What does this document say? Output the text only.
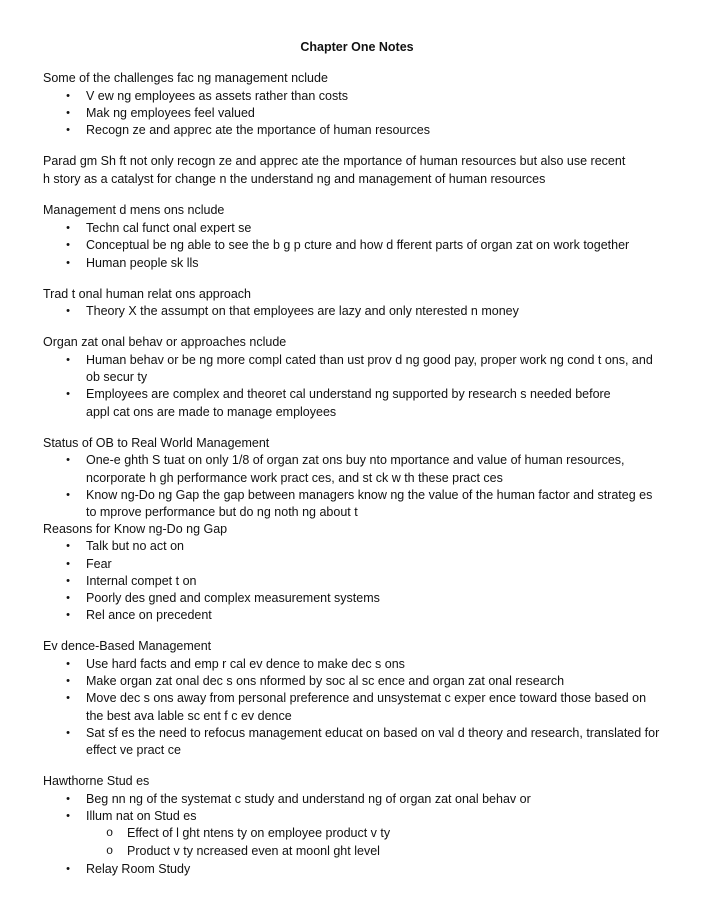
Chapter One Notes
Some of the challenges fac ng management nclude
• V ew ng employees as assets rather than costs
• Mak ng employees feel valued
• Recogn ze and apprec ate the mportance of human resources
Parad gm Sh ft not only recogn ze and apprec ate the mportance of human resources but also use recent
h story as a catalyst for change n the understand ng and management of human resources
Management d mens ons nclude
• Techn cal funct onal expert se
• Conceptual be ng able to see the b g p cture and how d fferent parts of organ zat on work together
• Human people sk lls
Trad t onal human relat ons approach
• Theory X the assumpt on that employees are lazy and only nterested n money
Organ zat onal behav or approaches nclude
• Human behav or be ng more compl cated than ust prov d ng good pay, proper work ng cond t ons, and
ob secur ty
• Employees are complex and theoret cal understand ng supported by research s needed before
appl cat ons are made to manage employees
Status of OB to Real World Management
• One-e ghth S tuat on only 1/8 of organ zat ons buy nto mportance and value of human resources,
ncorporate h gh performance work pract ces, and st ck w th these pract ces
• Know ng-Do ng Gap the gap between managers know ng the value of the human factor and strateg es
to mprove performance but do ng noth ng about t
Reasons for Know ng-Do ng Gap
• Talk but no act on
• Fear
• Internal compet t on
• Poorly des gned and complex measurement systems
• Rel ance on precedent
Ev dence-Based Management
• Use hard facts and emp r cal ev dence to make dec s ons
• Make organ zat onal dec s ons nformed by soc al sc ence and organ zat onal research
• Move dec s ons away from personal preference and unsystemat c exper ence toward those based on
the best ava lable sc ent f c ev dence
• Sat sf es the need to refocus management educat on based on val d theory and research, translated for
effect ve pract ce
Hawthorne Stud es
• Beg nn ng of the systemat c study and understand ng of organ zat onal behav or
• Illum nat on Stud es
o Effect of l ght ntens ty on employee product v ty
o Product v ty ncreased even at moonl ght level
• Relay Room Study
